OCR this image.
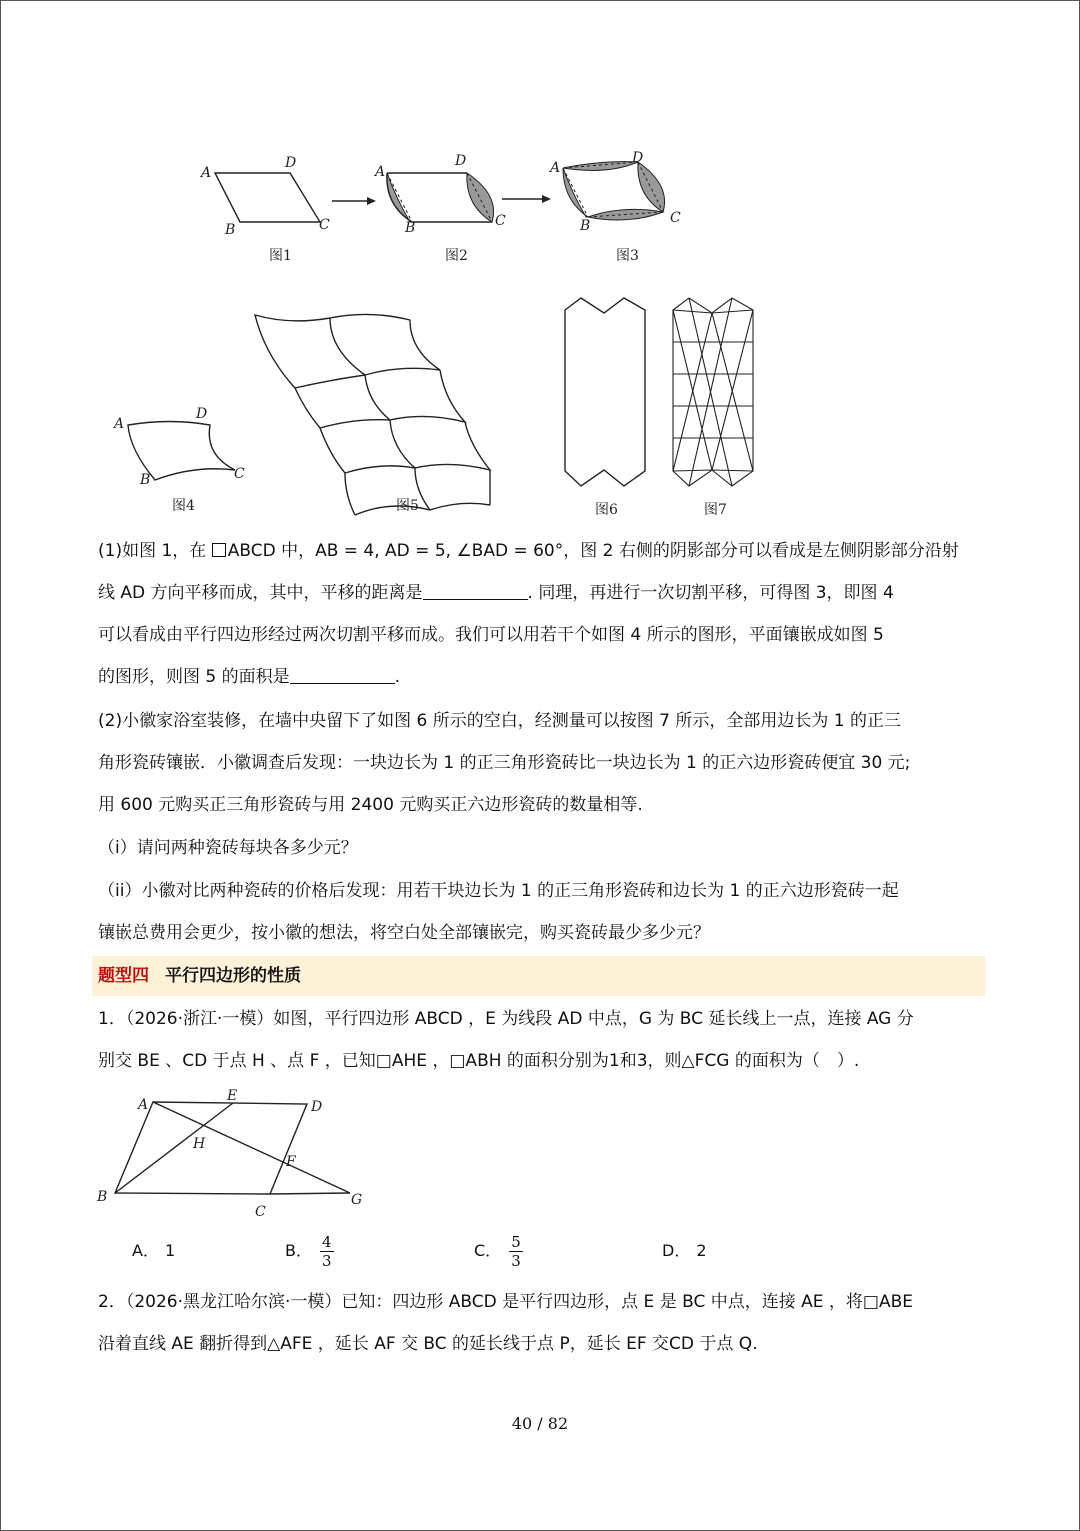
A
D
B	C
图1
A
D
B	C
图2
A
D
B	C
图3
A
D
B	C
图4	图5	图6	图7

(1)如图 1，在 ABCD 中，AB = 4, AD = 5, ∠BAD = 60°，图 2 右侧的阴影部分可以看成是左侧阴影部分沿射

线 AD 方向平移而成，其中，平移的距离是	. 同理，再进行一次切割平移，可得图 3，即图 4

可以看成由平行四边形经过两次切割平移而成。我们可以用若干个如图 4 所示的图形，平面镶嵌成如图 5

的图形，则图 5 的面积是	.

(2)小徽家浴室装修，在墙中央留下了如图 6 所示的空白，经测量可以按图 7 所示，全部用边长为 1 的正三

角形瓷砖镶嵌．小徽调查后发现：一块边长为 1 的正三角形瓷砖比一块边长为 1 的正六边形瓷砖便宜 30 元;

用 600 元购买正三角形瓷砖与用 2400 元购买正六边形瓷砖的数量相等.

（i）请问两种瓷砖每块各多少元？

（ii）小徽对比两种瓷砖的价格后发现：用若干块边长为 1 的正三角形瓷砖和边长为 1 的正六边形瓷砖一起

镶嵌总费用会更少，按小徽的想法，将空白处全部镶嵌完，购买瓷砖最少多少元？

题型四 平行四边形的性质

1．（2026·浙江·一模）如图，平行四边形 ABCD ，E 为线段 AD 中点，G 为 BC 延长线上一点，连接 AG 分

别交 BE 、CD 于点 H 、点 F ，已知□AHE ，□ABH 的面积分别为1和3，则△FCG 的面积为（　）.

A
E
D
H
F
B
C
G
A． 1	B． $\frac{4}{3}$	C． $\frac{5}{3}$	D． 2

2．（2026·黑龙江哈尔滨·一模）已知：四边形 ABCD 是平行四边形，点 E 是 BC 中点，连接 AE ，将□ABE

沿着直线 AE 翻折得到△AFE ，延长 AF 交 BC 的延长线于点 P，延长 EF 交CD 于点 Q.

40 / 82
